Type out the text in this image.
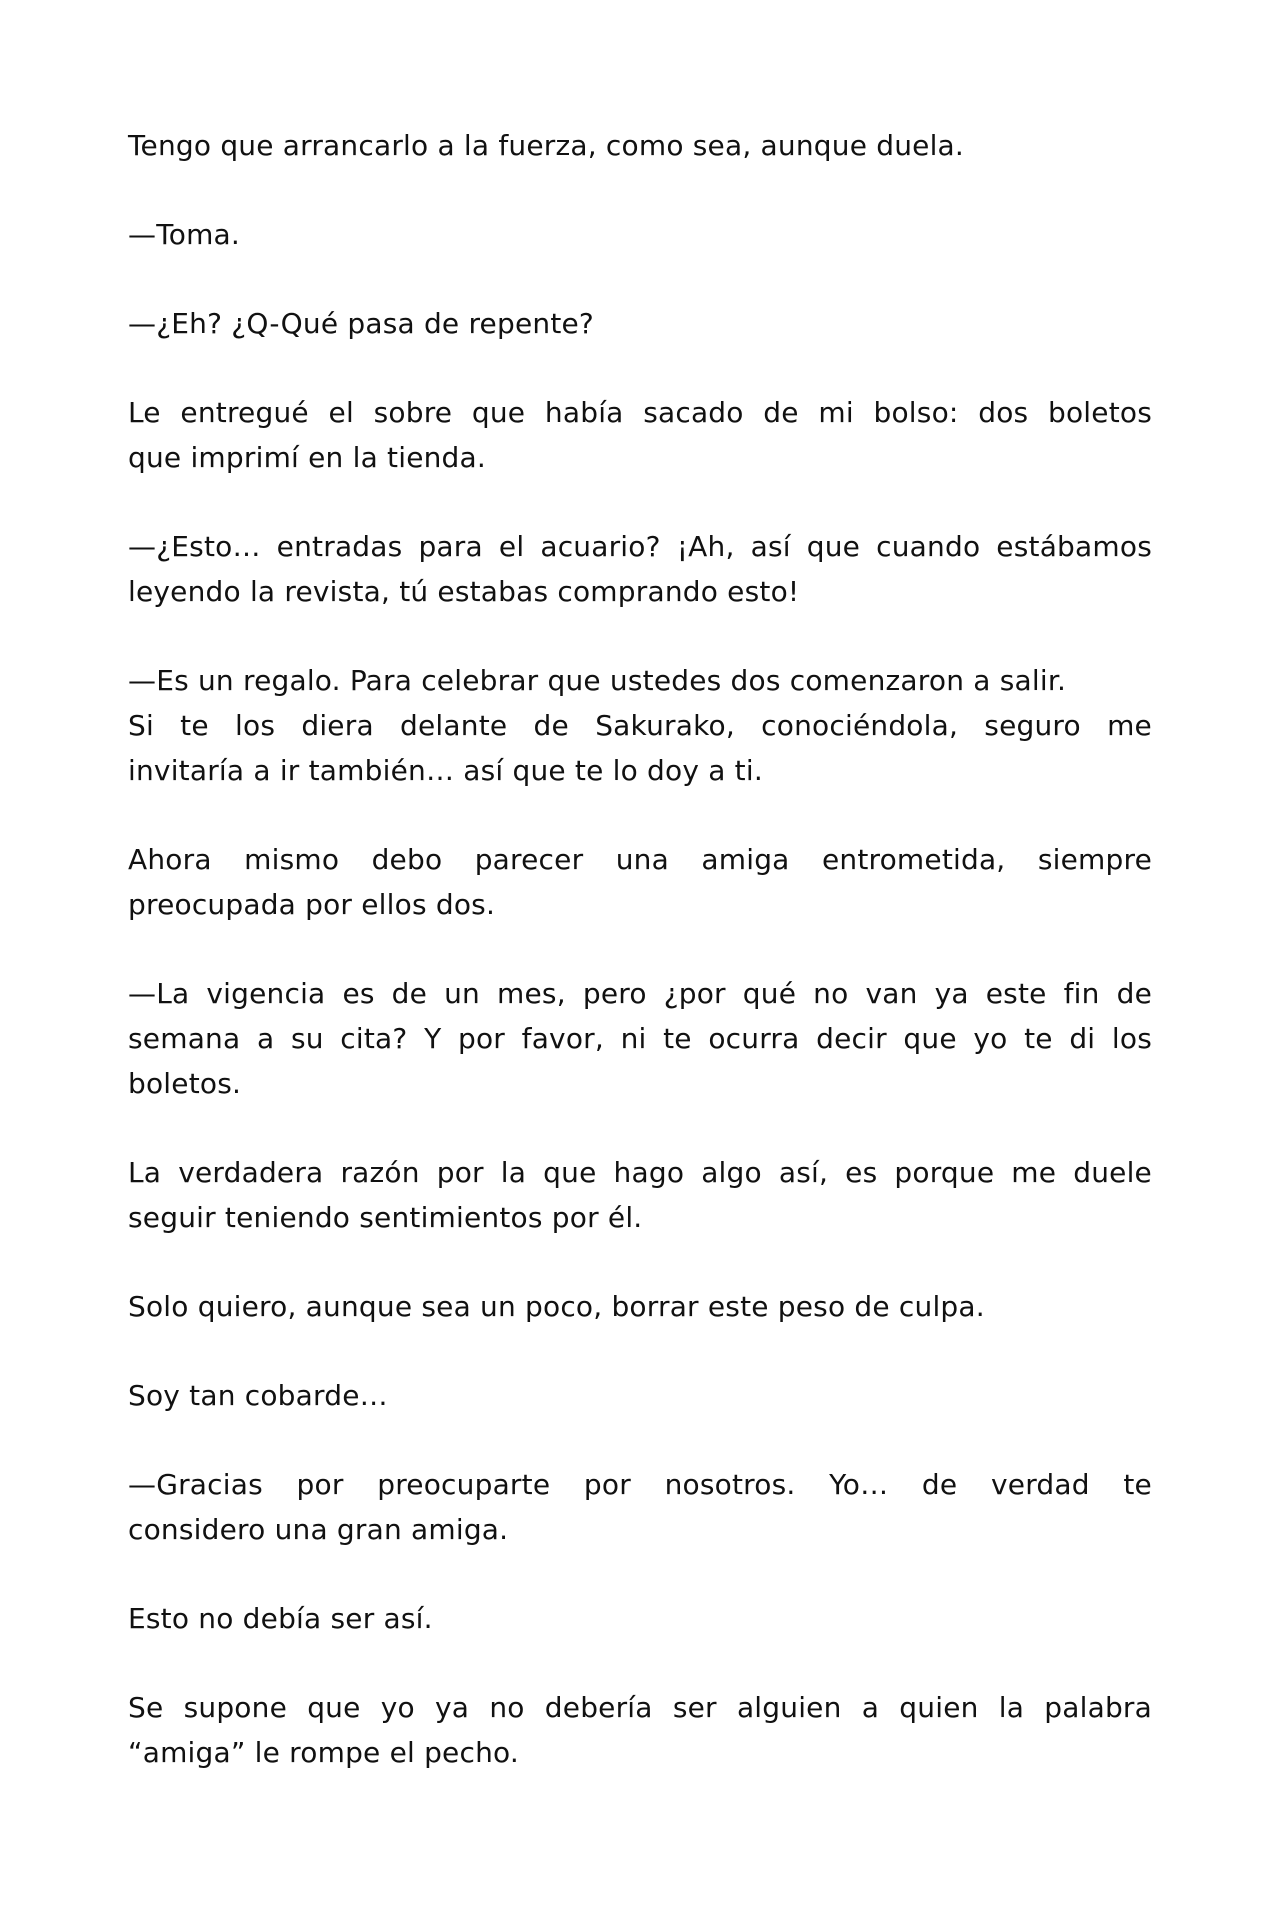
Tengo que arrancarlo a la fuerza, como sea, aunque duela.

—Toma.

—¿Eh? ¿Q-Qué pasa de repente?

Le entregué el sobre que había sacado de mi bolso: dos boletos
que imprimí en la tienda.

—¿Esto… entradas para el acuario? ¡Ah, así que cuando estábamos
leyendo la revista, tú estabas comprando esto!

—Es un regalo. Para celebrar que ustedes dos comenzaron a salir.
Si te los diera delante de Sakurako, conociéndola, seguro me
invitaría a ir también… así que te lo doy a ti.

Ahora mismo debo parecer una amiga entrometida, siempre
preocupada por ellos dos.

—La vigencia es de un mes, pero ¿por qué no van ya este fin de
semana a su cita? Y por favor, ni te ocurra decir que yo te di los
boletos.

La verdadera razón por la que hago algo así, es porque me duele
seguir teniendo sentimientos por él.

Solo quiero, aunque sea un poco, borrar este peso de culpa.

Soy tan cobarde…

—Gracias por preocuparte por nosotros. Yo… de verdad te
considero una gran amiga.

Esto no debía ser así.

Se supone que yo ya no debería ser alguien a quien la palabra
“amiga” le rompe el pecho.
